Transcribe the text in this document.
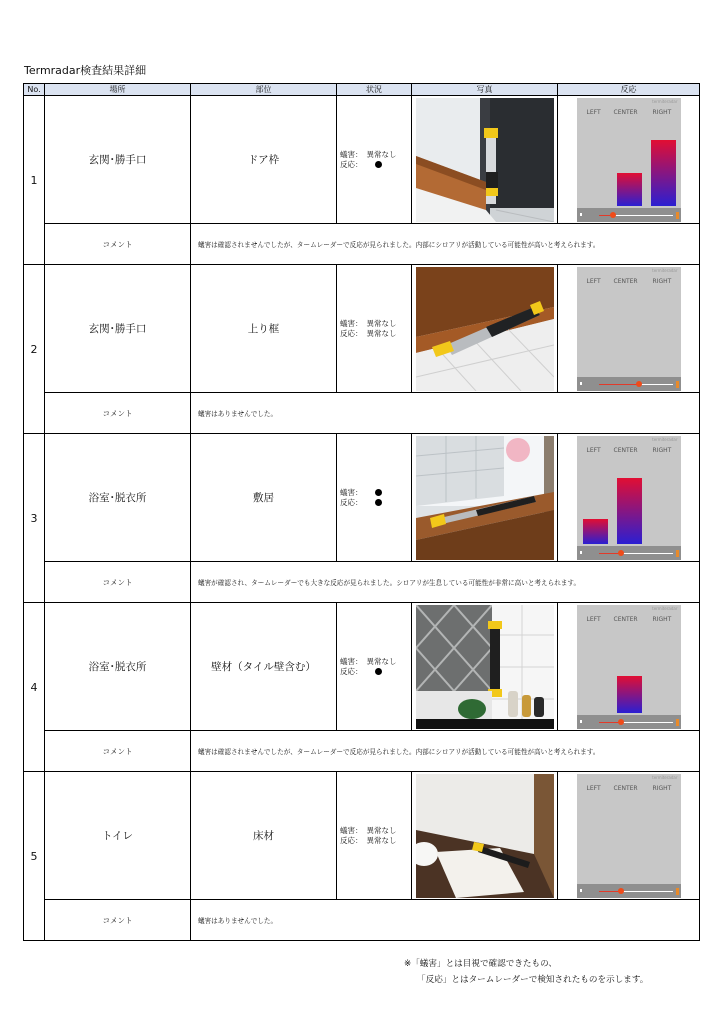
Termradar検査結果詳細
No.	場所	部位	状況	写真	反応
1
玄関･勝手口	ドア枠	蟻害： 異常なし
反応：
termiteradar
LEFT CENTER RIGHT
コメント	蟻害は確認されませんでしたが、タームレーダーで反応が見られました。内部にシロアリが活動している可能性が高いと考えられます。
2
玄関･勝手口	上り框	蟻害： 異常なし
反応： 異常なし
termiteradar
LEFT CENTER RIGHT
コメント	蟻害はありませんでした。
3
浴室･脱衣所	敷居	蟻害：
反応：
termiteradar
LEFT CENTER RIGHT
コメント	蟻害が確認され、タームレーダーでも大きな反応が見られました。シロアリが生息している可能性が非常に高いと考えられます。
4
浴室･脱衣所	壁材（タイル壁含む）	蟻害： 異常なし
反応：
termiteradar
LEFT CENTER RIGHT
コメント	蟻害は確認されませんでしたが、タームレーダーで反応が見られました。内部にシロアリが活動している可能性が高いと考えられます。
5
トイレ	床材	蟻害： 異常なし
反応： 異常なし
termiteradar
LEFT CENTER RIGHT
コメント	蟻害はありませんでした。
※「蟻害」とは目視で確認できたもの、
「反応」とはタームレーダーで検知されたものを示します。
